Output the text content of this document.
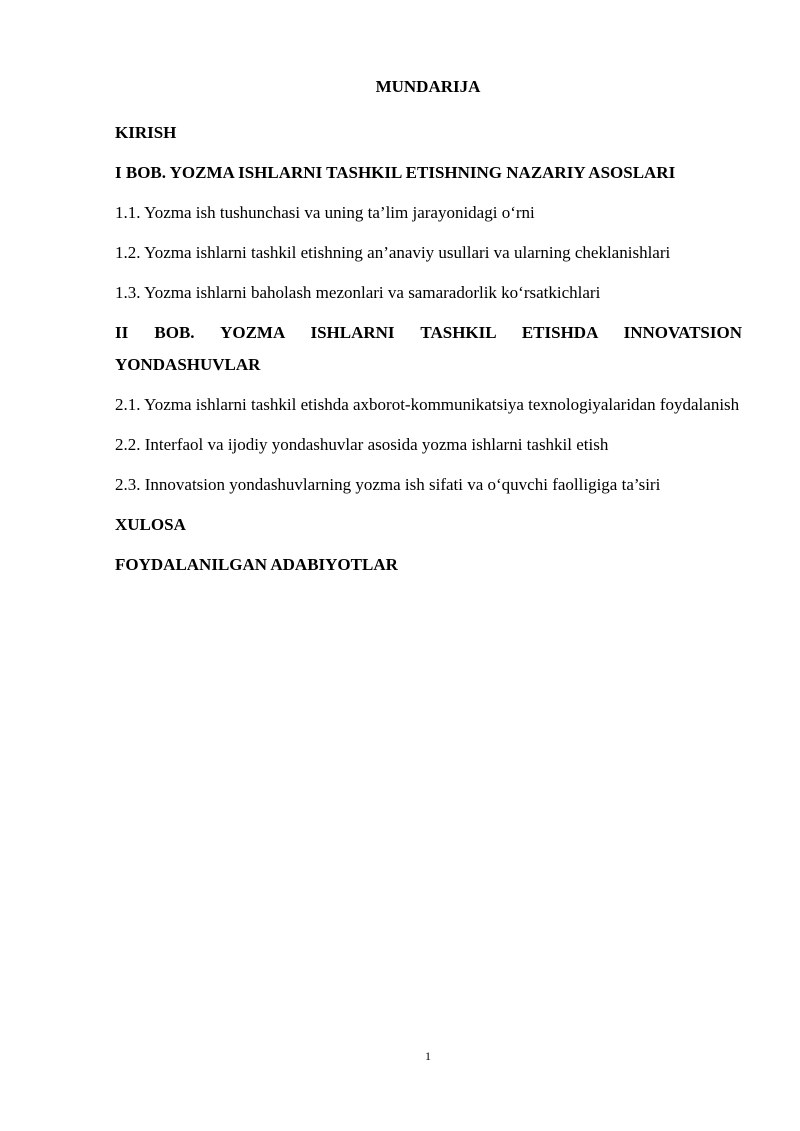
MUNDARIJA
KIRISH
I BOB. YOZMA ISHLARNI TASHKIL ETISHNING NAZARIY ASOSLARI
1.1. Yozma ish tushunchasi va uning ta’lim jarayonidagi o‘rni
1.2. Yozma ishlarni tashkil etishning an’anaviy usullari va ularning cheklanishlari
1.3. Yozma ishlarni baholash mezonlari va samaradorlik ko‘rsatkichlari
II BOB. YOZMA ISHLARNI TASHKIL ETISHDA INNOVATSION YONDASHUVLAR
2.1. Yozma ishlarni tashkil etishda axborot-kommunikatsiya texnologiyalaridan foydalanish
2.2. Interfaol va ijodiy yondashuvlar asosida yozma ishlarni tashkil etish
2.3. Innovatsion yondashuvlarning yozma ish sifati va o‘quvchi faolligiga ta’siri
XULOSA
FOYDALANILGAN ADABIYOTLAR
1
